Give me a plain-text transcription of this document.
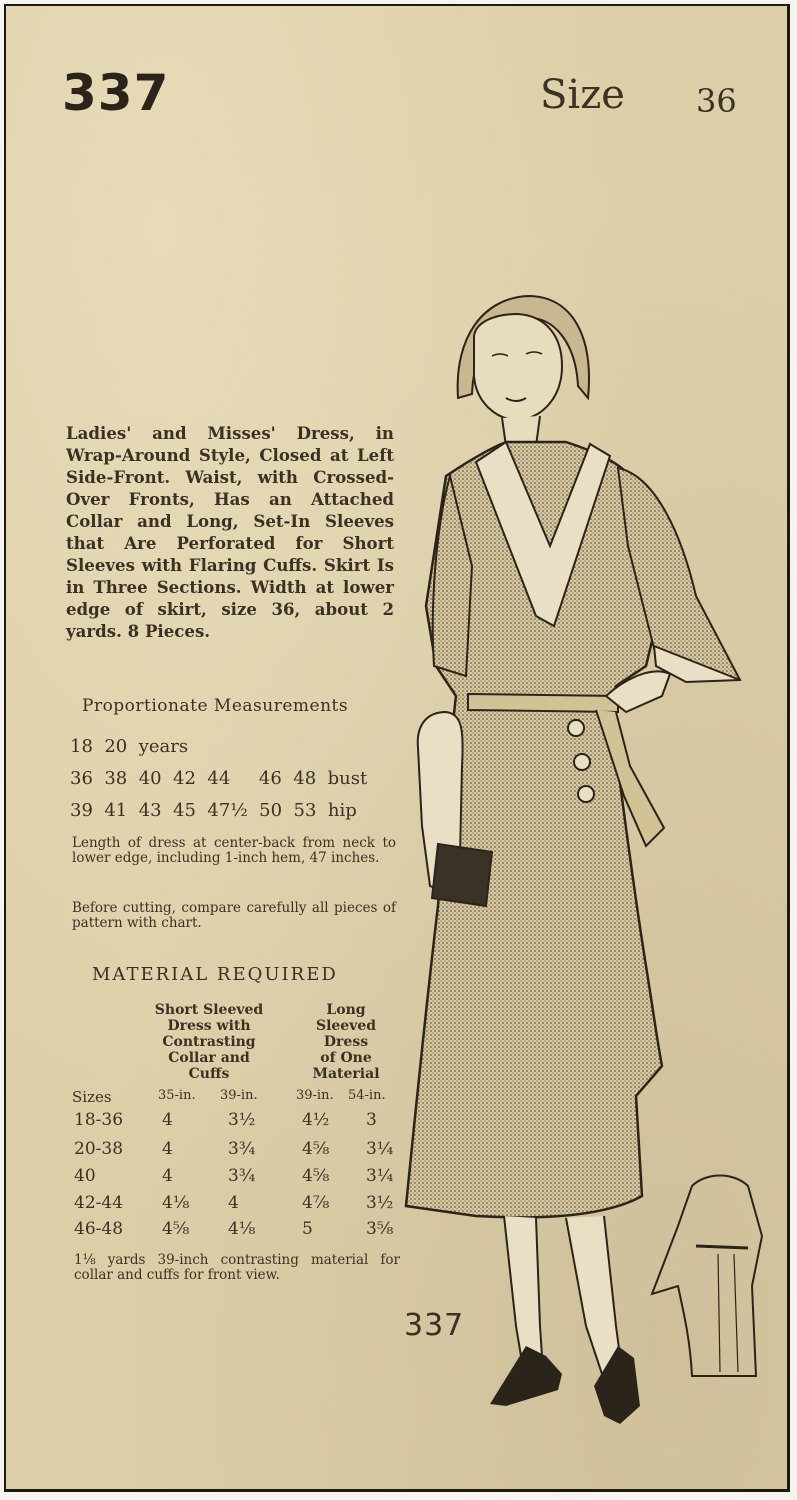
337	Size 36
Ladies' and Misses' Dress, in Wrap-Around Style, Closed at Left Side-Front. Waist, with Crossed-Over Fronts, Has an Attached Collar and Long, Set-In Sleeves that Are Perforated for Short Sleeves with Flaring Cuffs. Skirt Is in Three Sections. Width at lower edge of skirt, size 36, about 2 yards. 8 Pieces.
Proportionate Measurements
18  20  years
36  38  40  42  44     46  48  bust
39  41  43  45  47½  50  53  hip
Length of dress at center-back from neck to lower edge, including 1-inch hem, 47 inches.
Before cutting, compare carefully all pieces of pattern with chart.
MATERIAL REQUIRED
Short Sleeved
Dress with
Contrasting
Collar and
Cuffs
Long
Sleeved
Dress
of One
Material
Sizes	35-in. 39-in.	39-in. 54-in.
18-36 4	3½	4½ 3
20-38 4	3¾	4⅝ 3¼
40	4	3¾	4⅝ 3¼
42-44 4⅛ 4	4⅞ 3½
46-48 4⅝ 4⅛	5	3⅝
1⅛ yards 39-inch contrasting material for collar and cuffs for front view.
337
